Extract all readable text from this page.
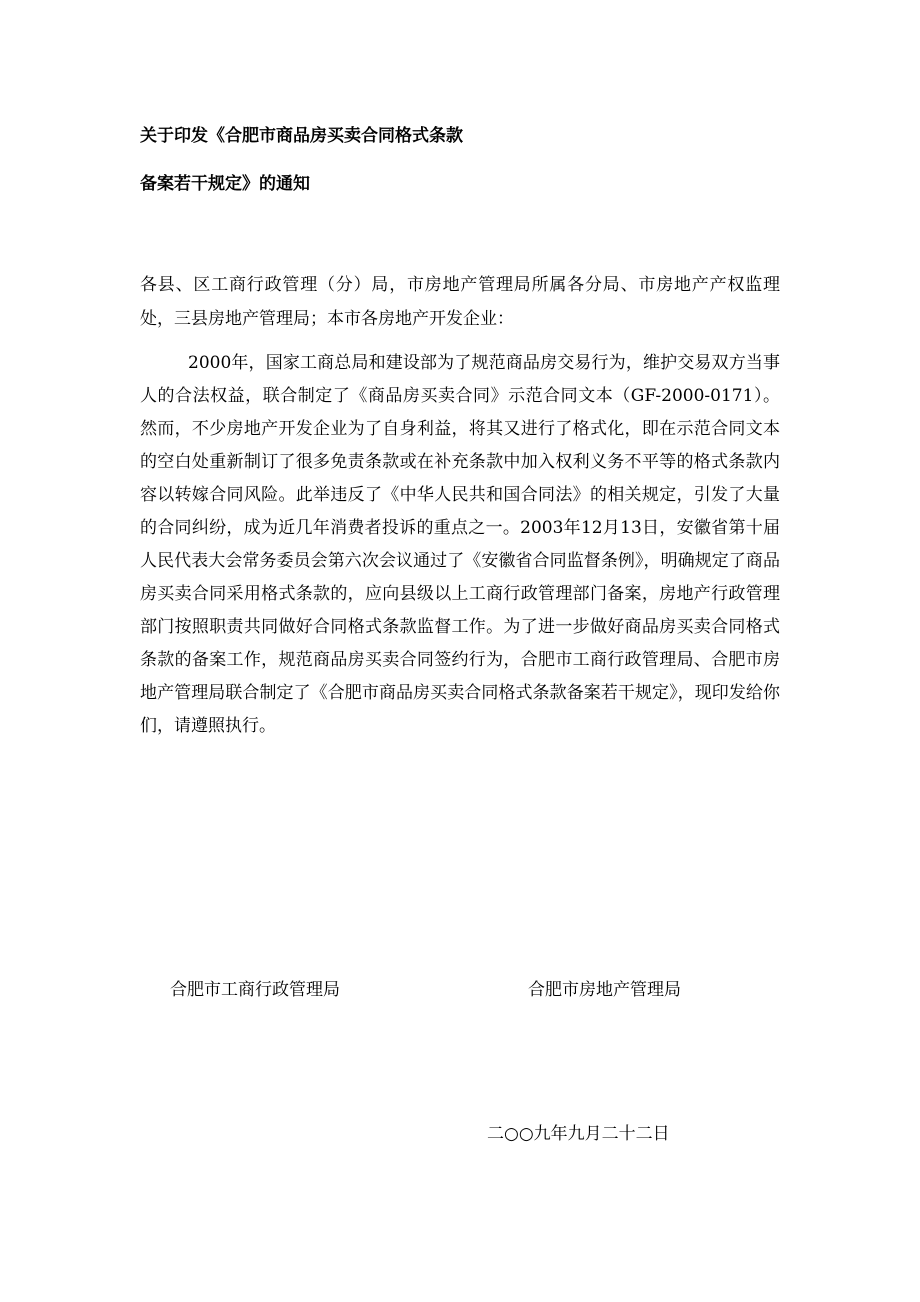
关于印发《合肥市商品房买卖合同格式条款
备案若干规定》的通知
各县、区工商行政管理（分）局，市房地产管理局所属各分局、市房地产产权监理处，三县房地产管理局；本市各房地产开发企业：
2000年，国家工商总局和建设部为了规范商品房交易行为，维护交易双方当事人的合法权益，联合制定了《商品房买卖合同》示范合同文本（GF-2000-0171）。然而，不少房地产开发企业为了自身利益，将其又进行了格式化，即在示范合同文本的空白处重新制订了很多免责条款或在补充条款中加入权利义务不平等的格式条款内容以转嫁合同风险。此举违反了《中华人民共和国合同法》的相关规定，引发了大量的合同纠纷，成为近几年消费者投诉的重点之一。2003年12月13日，安徽省第十届人民代表大会常务委员会第六次会议通过了《安徽省合同监督条例》，明确规定了商品房买卖合同采用格式条款的，应向县级以上工商行政管理部门备案，房地产行政管理部门按照职责共同做好合同格式条款监督工作。为了进一步做好商品房买卖合同格式条款的备案工作，规范商品房买卖合同签约行为，合肥市工商行政管理局、合肥市房地产管理局联合制定了《合肥市商品房买卖合同格式条款备案若干规定》，现印发给你们，请遵照执行。
合肥市工商行政管理局	合肥市房地产管理局
二○○九年九月二十二日
